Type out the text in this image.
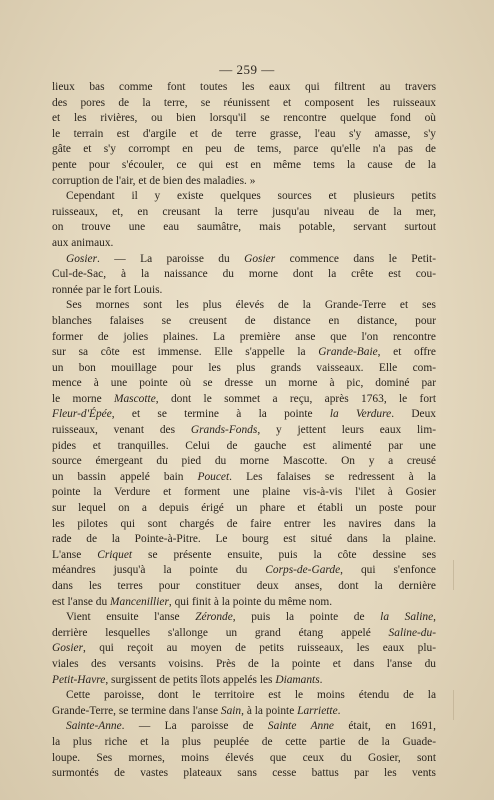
— 259 —
lieux bas comme font toutes les eaux qui filtrent au travers
des pores de la terre, se réunissent et composent les ruisseaux
et les rivières, ou bien lorsqu'il se rencontre quelque fond où
le terrain est d'argile et de terre grasse, l'eau s'y amasse, s'y
gâte et s'y corrompt en peu de tems, parce qu'elle n'a pas de
pente pour s'écouler, ce qui est en même tems la cause de la
corruption de l'air, et de bien des maladies. »
Cependant il y existe quelques sources et plusieurs petits
ruisseaux, et, en creusant la terre jusqu'au niveau de la mer,
on trouve une eau saumâtre, mais potable, servant surtout
aux animaux.
Gosier. — La paroisse du Gosier commence dans le Petit-
Cul-de-Sac, à la naissance du morne dont la crête est cou-
ronnée par le fort Louis.
Ses mornes sont les plus élevés de la Grande-Terre et ses
blanches falaises se creusent de distance en distance, pour
former de jolies plaines. La première anse que l'on rencontre
sur sa côte est immense. Elle s'appelle la Grande-Baie, et offre
un bon mouillage pour les plus grands vaisseaux. Elle com-
mence à une pointe où se dresse un morne à pic, dominé par
le morne Mascotte, dont le sommet a reçu, après 1763, le fort
Fleur-d'Épée, et se termine à la pointe la Verdure. Deux
ruisseaux, venant des Grands-Fonds, y jettent leurs eaux lim-
pides et tranquilles. Celui de gauche est alimenté par une
source émergeant du pied du morne Mascotte. On y a creusé
un bassin appelé bain Poucet. Les falaises se redressent à la
pointe la Verdure et forment une plaine vis-à-vis l'ilet à Gosier
sur lequel on a depuis érigé un phare et établi un poste pour
les pilotes qui sont chargés de faire entrer les navires dans la
rade de la Pointe-à-Pitre. Le bourg est situé dans la plaine.
L'anse Criquet se présente ensuite, puis la côte dessine ses
méandres jusqu'à la pointe du Corps-de-Garde, qui s'enfonce
dans les terres pour constituer deux anses, dont la dernière
est l'anse du Mancenillier, qui finit à la pointe du même nom.
Vient ensuite l'anse Zéronde, puis la pointe de la Saline,
derrière lesquelles s'allonge un grand étang appelé Saline-du-
Gosier, qui reçoit au moyen de petits ruisseaux, les eaux plu-
viales des versants voisins. Près de la pointe et dans l'anse du
Petit-Havre, surgissent de petits îlots appelés les Diamants.
Cette paroisse, dont le territoire est le moins étendu de la
Grande-Terre, se termine dans l'anse Sain, à la pointe Larriette.
Sainte-Anne. — La paroisse de Sainte Anne était, en 1691,
la plus riche et la plus peuplée de cette partie de la Guade-
loupe. Ses mornes, moins élevés que ceux du Gosier, sont
surmontés de vastes plateaux sans cesse battus par les vents
